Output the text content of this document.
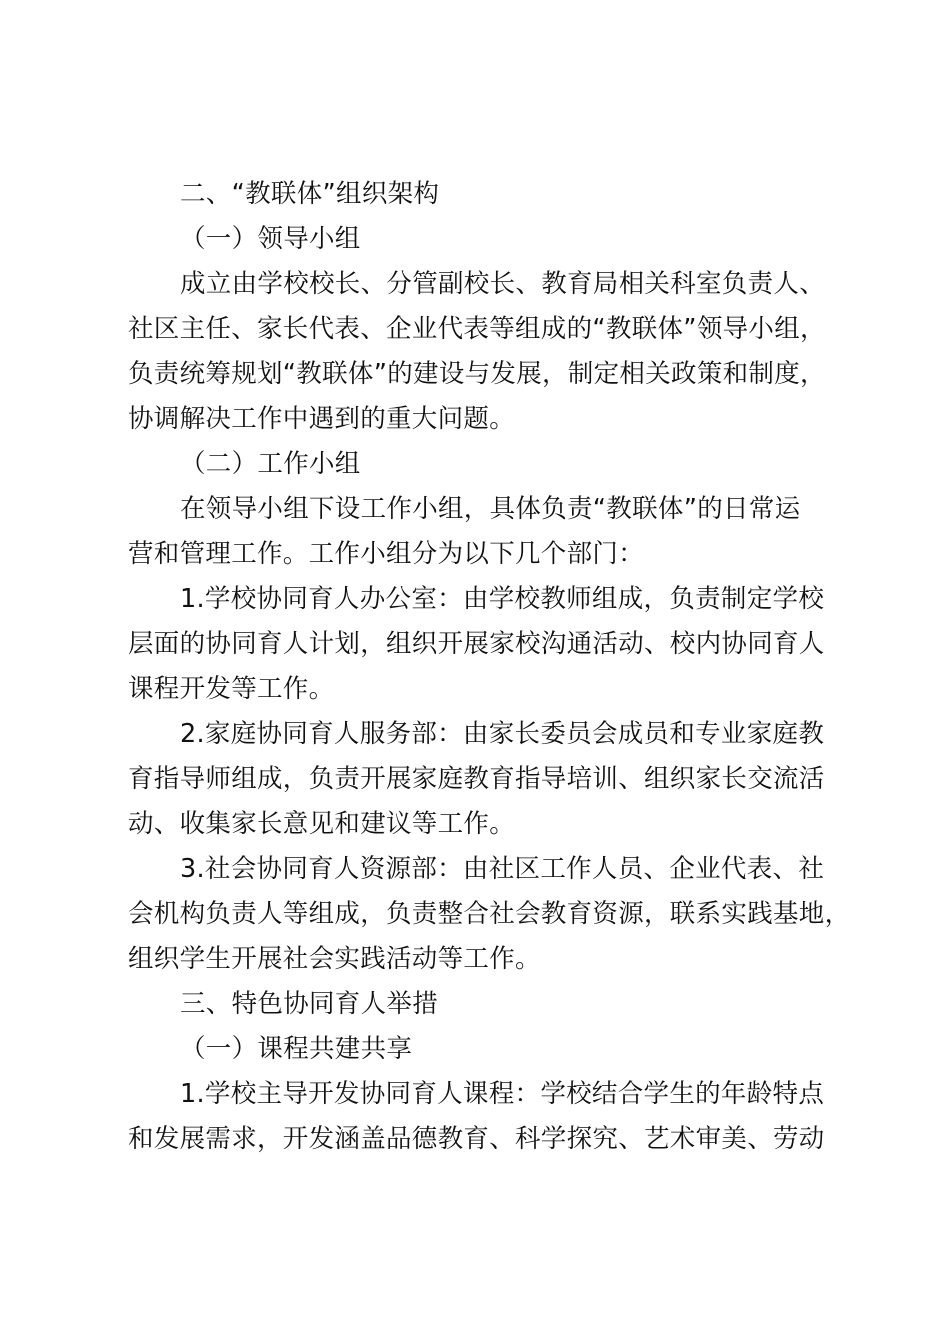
二、“教联体”组织架构
（一）领导小组
成立由学校校长、分管副校长、教育局相关科室负责人、
社区主任、家长代表、企业代表等组成的“教联体”领导小组，
负责统筹规划“教联体”的建设与发展，制定相关政策和制度，
协调解决工作中遇到的重大问题。
（二）工作小组
在领导小组下设工作小组，具体负责“教联体”的日常运
营和管理工作。工作小组分为以下几个部门：
1.学校协同育人办公室：由学校教师组成，负责制定学校
层面的协同育人计划，组织开展家校沟通活动、校内协同育人
课程开发等工作。
2.家庭协同育人服务部：由家长委员会成员和专业家庭教
育指导师组成，负责开展家庭教育指导培训、组织家长交流活
动、收集家长意见和建议等工作。
3.社会协同育人资源部：由社区工作人员、企业代表、社
会机构负责人等组成，负责整合社会教育资源，联系实践基地，
组织学生开展社会实践活动等工作。
三、特色协同育人举措
（一）课程共建共享
1.学校主导开发协同育人课程：学校结合学生的年龄特点
和发展需求，开发涵盖品德教育、科学探究、艺术审美、劳动
